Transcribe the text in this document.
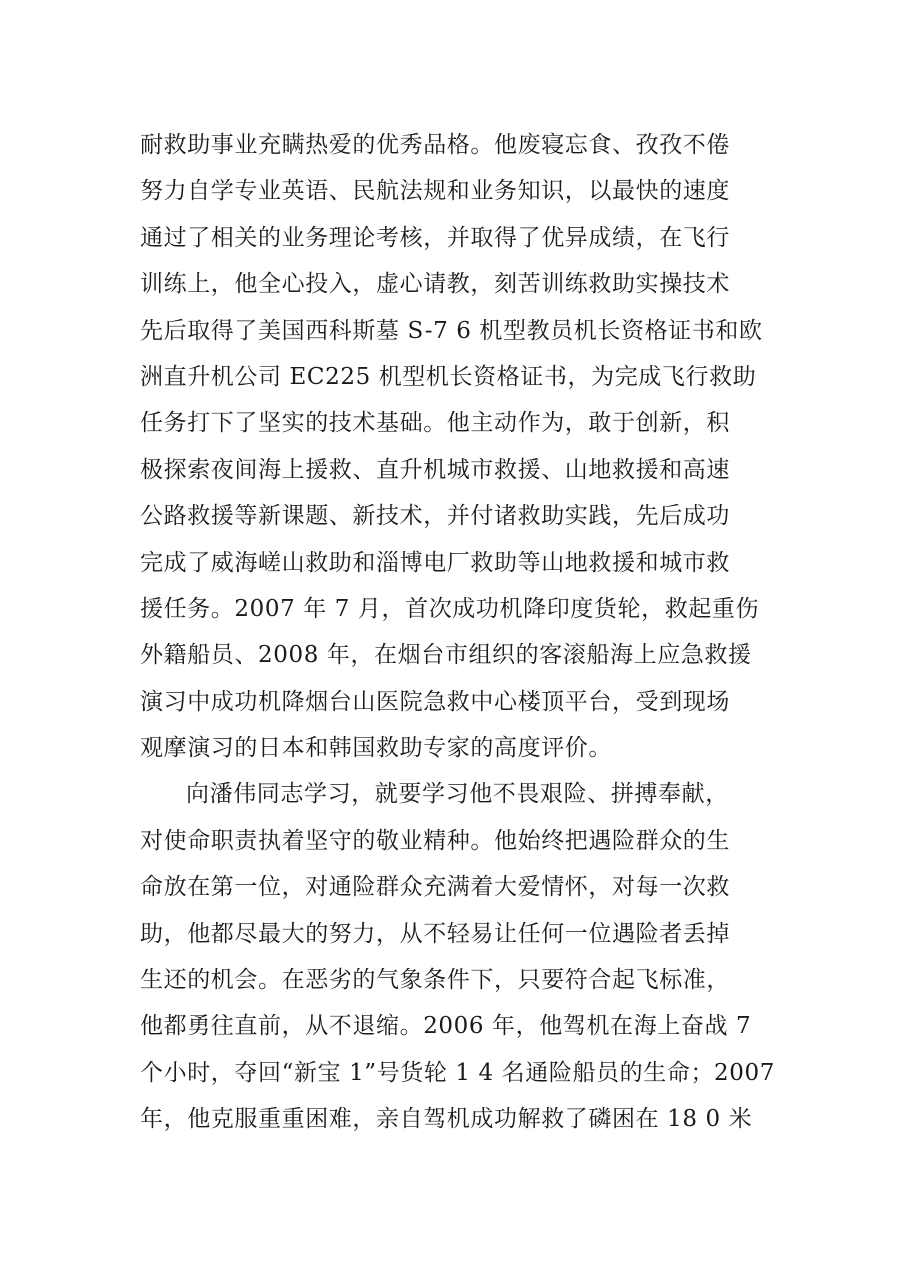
耐救助事业充瞒热爱的优秀品格。他废寝忘食、孜孜不倦
努力自学专业英语、民航法规和业务知识，以最快的速度
通过了相关的业务理论考核，并取得了优异成绩，在飞行
训练上，他全心投入，虚心请教，刻苦训练救助实操技术
先后取得了美国西科斯墓 S-7 6 机型教员机长资格证书和欧
洲直升机公司 EC225 机型机长资格证书，为完成飞行救助
任务打下了坚实的技术基础。他主动作为，敢于创新，积
极探索夜间海上援救、直升机城市救援、山地救援和高速
公路救援等新课题、新技术，并付诸救助实践，先后成功
完成了威海嵯山救助和淄博电厂救助等山地救援和城市救
援任务。2007 年 7 月，首次成功机降印度货轮，救起重伤
外籍船员、2008 年，在烟台市组织的客滚船海上应急救援
演习中成功机降烟台山医院急救中心楼顶平台，受到现场
观摩演习的日本和韩国救助专家的高度评价。
向潘伟同志学习，就要学习他不畏艰险、拼搏奉献，
对使命职责执着坚守的敬业精种。他始终把遇险群众的生
命放在第一位，对通险群众充满着大爱情怀，对每一次救
助，他都尽最大的努力，从不轻易让任何一位遇险者丢掉
生还的机会。在恶劣的气象条件下，只要符合起飞标准，
他都勇往直前，从不退缩。2006 年，他驾机在海上奋战 7
个小时，夺回“新宝 1”号货轮 1 4 名通险船员的生命；2007
年，他克服重重困难，亲自驾机成功解救了磷困在 18 0 米
